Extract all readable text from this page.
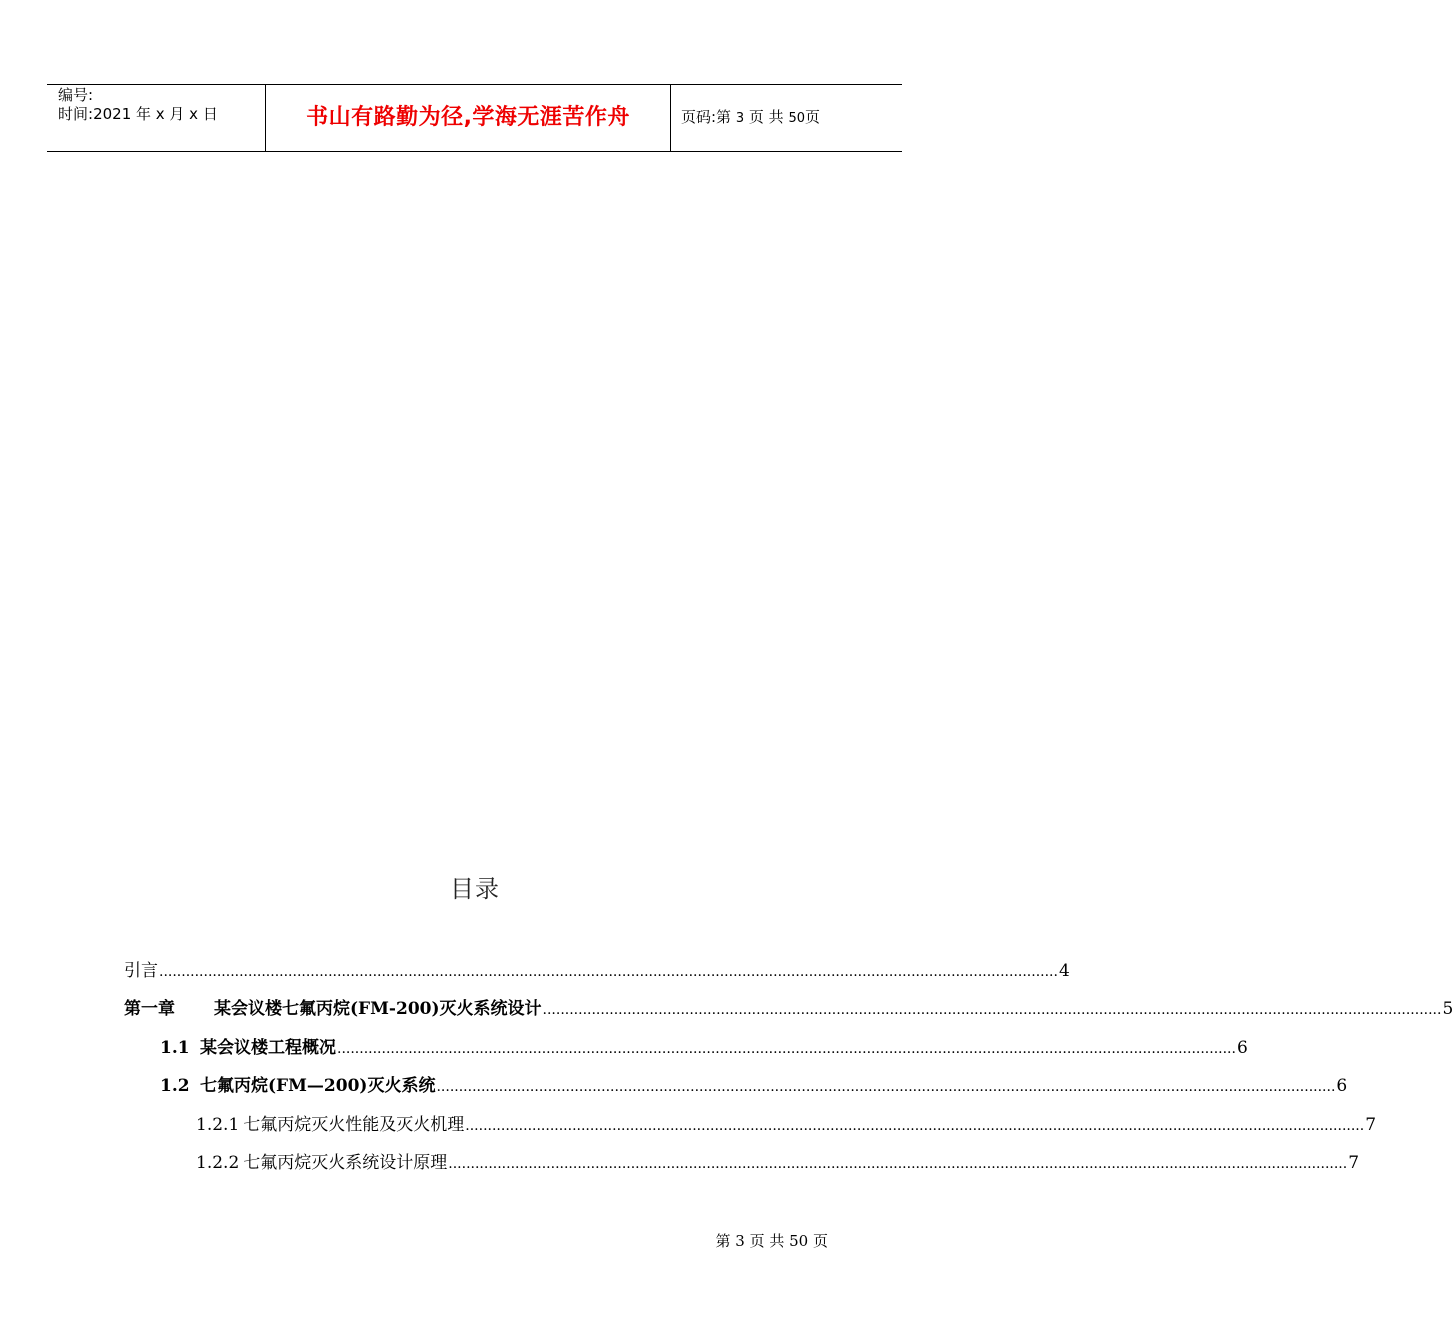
编号:
时间:2021 年 x 月 x 日	书山有路勤为径,学海无涯苦作舟	页码:第 3 页 共 50页
目录
引言 .......................................................................................................................................................................................................... 4
第一章 某会议楼七氟丙烷(FM-200)灭火系统设计 .......................................................................................................................................................................................................... 5
1.1 某会议楼工程概况 .......................................................................................................................................................................................................... 6
1.2 七氟丙烷(FM—200)灭火系统 .......................................................................................................................................................................................................... 6
1.2.1 七氟丙烷灭火性能及灭火机理 .......................................................................................................................................................................................................... 7
1.2.2 七氟丙烷灭火系统设计原理 .......................................................................................................................................................................................................... 7
第 3 页 共 50 页
